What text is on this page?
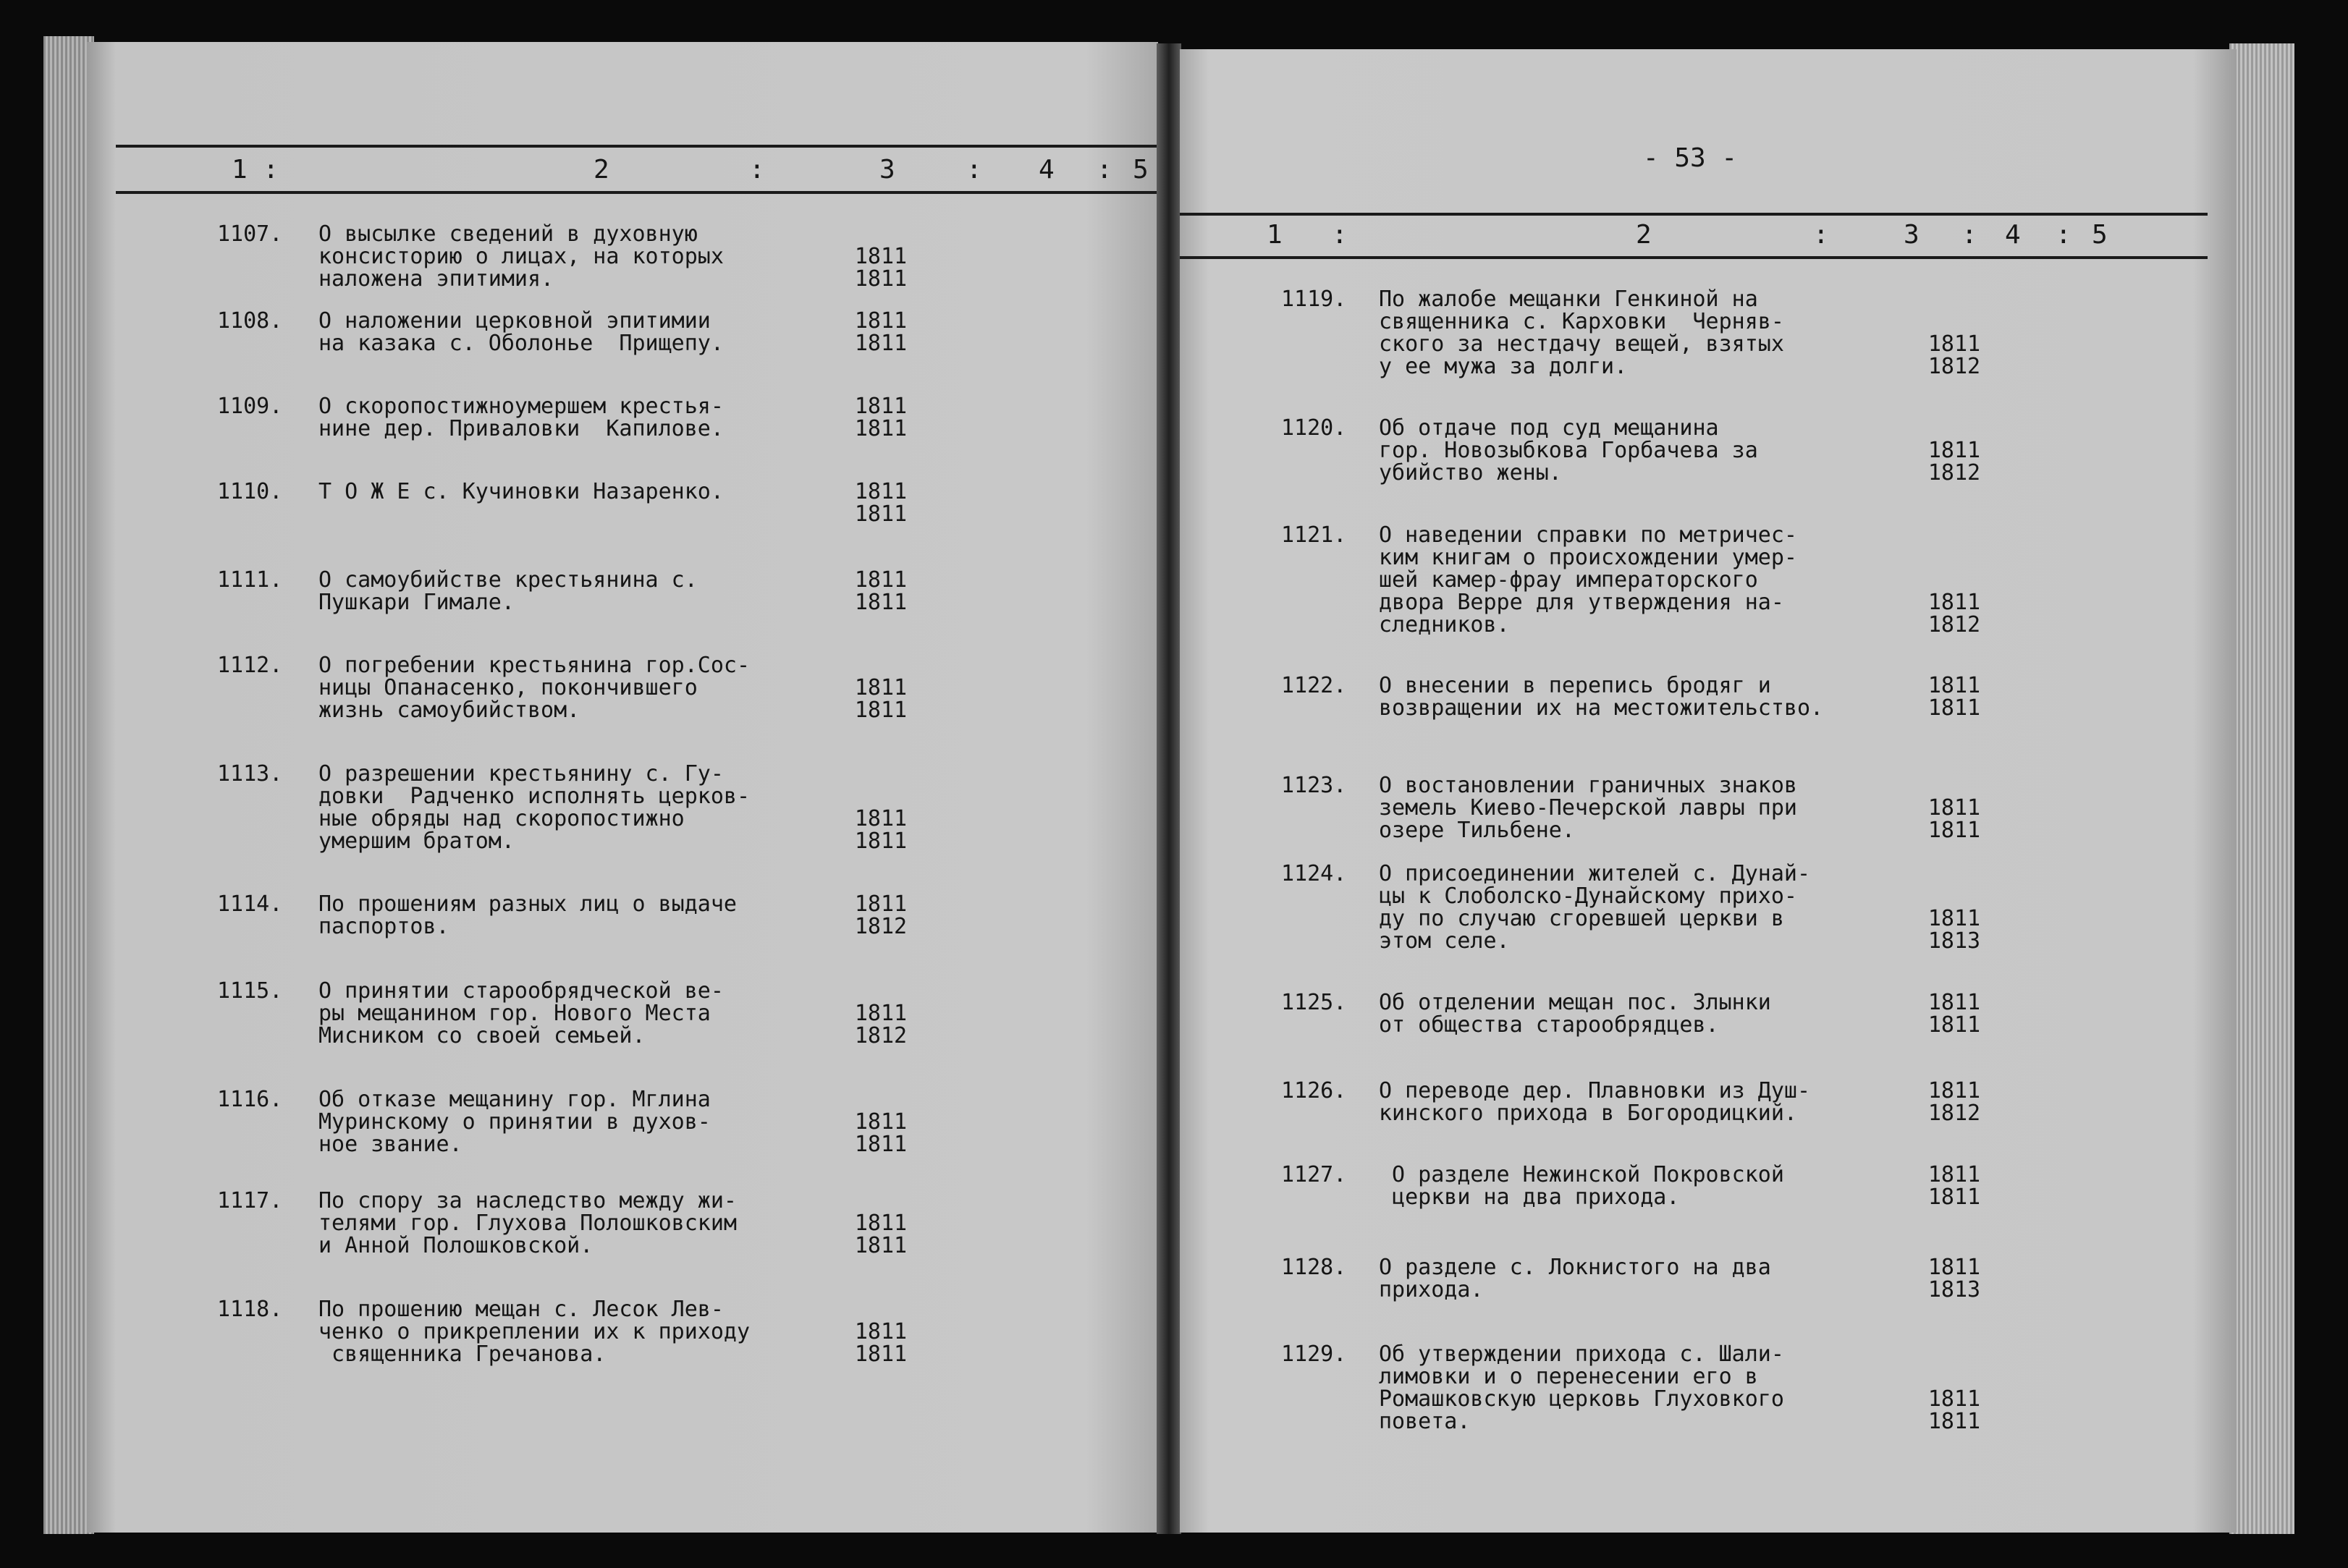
1 :	2	:	3	: 4 : 5
1107. О высылке сведений в духовную
консисторию о лицах, на которых
наложена эпитимия.
1811
1811
1108. О наложении церковной эпитимии
на казака с. Оболонье  Прищепу.
1811
1811
1109. О скоропостижноумершем крестья-
нине дер. Приваловки  Капилове.
1811
1811
1110. Т О Ж Е с. Кучиновки Назаренко.	1811
1811
1111. О самоубийстве крестьянина с.
Пушкари Гимале.
1811
1811
1112. О погребении крестьянина гор.Сос-
ницы Опанасенко, покончившего
жизнь самоубийством.
1811
1811
1113. О разрешении крестьянину с. Гу-
довки  Радченко исполнять церков-
ные обряды над скоропостижно
умершим братом.
1811
1811
1114. По прошениям разных лиц о выдаче
паспортов.
1811
1812
1115. О принятии старообрядческой ве-
ры мещанином гор. Нового Места
Мисником со своей семьей.
1811
1812
1116. Об отказе мещанину гор. Мглина
Муринскому о принятии в духов-
ное звание.
1811
1811
1117. По спору за наследство между жи-
телями гор. Глухова Полошковским
и Анной Полошковской.
1811
1811
1118. По прошению мещан с. Лесок Лев-
ченко о прикреплении их к приходу
священника Гречанова.
1811
1811
- 53 -
1 :	2	:	3 : 4 : 5
1119. По жалобе мещанки Генкиной на
священника с. Карховки  Черняв-
ского за нестдачу вещей, взятых
у ее мужа за долги.
1811
1812
1120. Об отдаче под суд мещанина
гор. Новозыбкова Горбачева за
убийство жены.
1811
1812
1121. О наведении справки по метричес-
ким книгам о происхождении умер-
шей камер-фрау императорского
двора Верре для утверждения на-
следников.
1811
1812
1122. О внесении в перепись бродяг и
возвращении их на местожительство.
1811
1811
1123. О востановлении граничных знаков
земель Киево-Печерской лавры при
озере Тильбене.
1811
1811
1124. О присоединении жителей с. Дунай-
цы к Слоболско-Дунайскому прихо-
ду по случаю сгоревшей церкви в
этом селе.
1811
1813
1125. Об отделении мещан пос. Злынки
от общества старообрядцев.
1811
1811
1126. О переводе дер. Плавновки из Душ-
кинского прихода в Богородицкий.
1811
1812
1127. О разделе Нежинской Покровской
церкви на два прихода.
1811
1811
1128. О разделе с. Локнистого на два
прихода.
1811
1813
1129. Об утверждении прихода с. Шали-
лимовки и о перенесении его в
Ромашковскую церковь Глуховкого
повета.
1811
1811
